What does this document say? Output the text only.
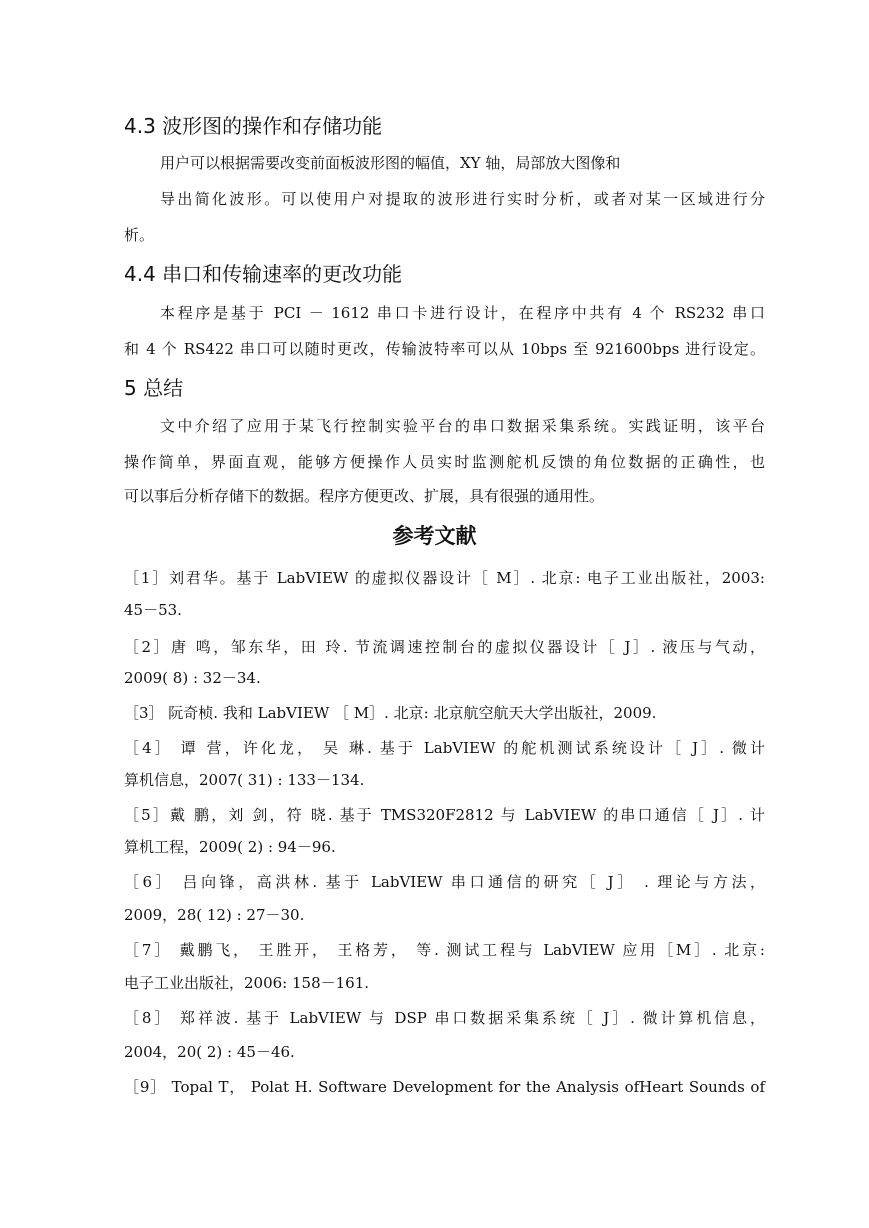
4.3 波形图的操作和存储功能
用户可以根据需要改变前面板波形图的幅值，XY 轴，局部放大图像和
导出简化波形。可以使用户对提取的波形进行实时分析，或者对某一区域进行分
析。
4.4 串口和传输速率的更改功能
本程序是基于 PCI － 1612 串口卡进行设计，在程序中共有 4 个 RS232 串口
和 4 个 RS422 串口可以随时更改，传输波特率可以从 10bps 至 921600bps 进行设定。
5 总结
文中介绍了应用于某飞行控制实验平台的串口数据采集系统。实践证明，该平台
操作简单，界面直观，能够方便操作人员实时监测舵机反馈的角位数据的正确性，也
可以事后分析存储下的数据。程序方便更改、扩展，具有很强的通用性。
参考文献
［1］刘君华。基于 LabVIEW 的虚拟仪器设计［ M］. 北京: 电子工业出版社，2003:
45－53.
［2］唐 鸣，邹东华，田 玲. 节流调速控制台的虚拟仪器设计［ J］. 液压与气动，
2009( 8) : 32－34.
［3］ 阮奇桢. 我和 LabVIEW ［ M］. 北京: 北京航空航天大学出版社，2009.
［4］ 谭 营，许化龙， 吴 琳. 基于 LabVIEW 的舵机测试系统设计［ J］. 微计
算机信息，2007( 31) : 133－134.
［5］戴 鹏，刘 剑，符 晓. 基于 TMS320F2812 与 LabVIEW 的串口通信［ J］. 计
算机工程，2009( 2) : 94－96.
［6］ 吕向锋，高洪林. 基于 LabVIEW 串口通信的研究［ J］ . 理论与方法，
2009，28( 12) : 27－30.
［7］ 戴鹏飞， 王胜开， 王格芳， 等. 测试工程与 LabVIEW 应用［M］. 北京:
电子工业出版社，2006: 158－161.
［8］ 郑祥波. 基于 LabVIEW 与 DSP 串口数据采集系统［ J］. 微计算机信息，
2004，20( 2) : 45－46.
［9］ Topal T， Polat H. Software Development for the Analysis ofHeart Sounds of
